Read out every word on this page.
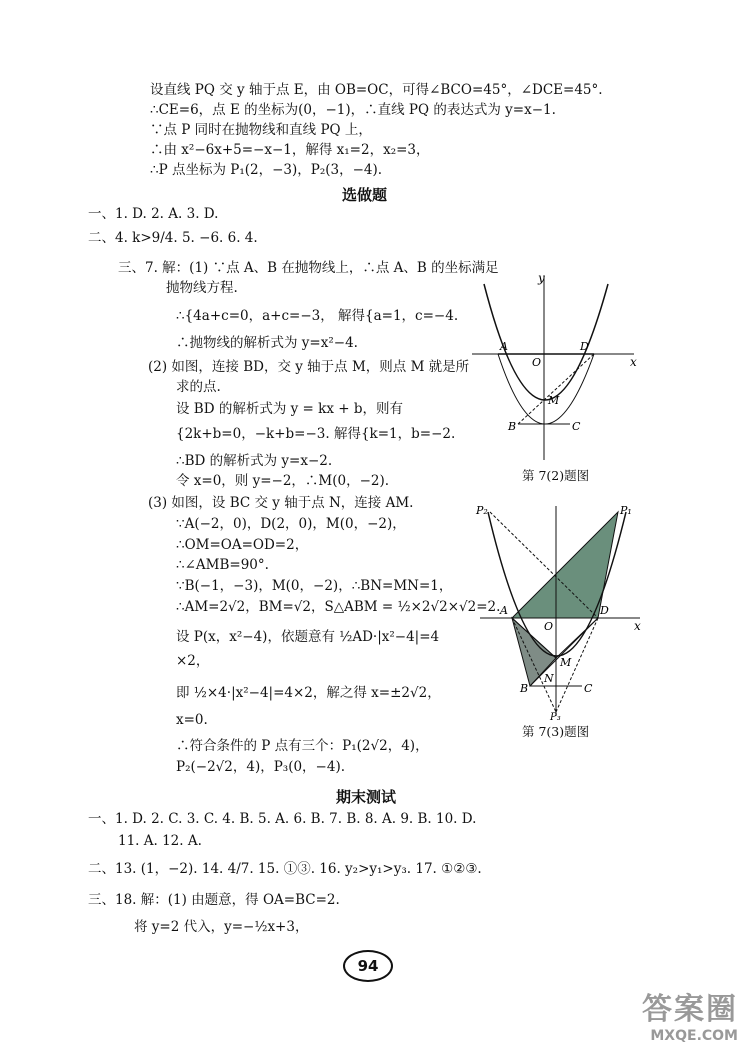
设直线 PQ 交 y 轴于点 E，由 OB=OC，可得∠BCO=45°，∠DCE=45°.
∴CE=6，点 E 的坐标为(0，−1)，∴直线 PQ 的表达式为 y=x−1.
∵点 P 同时在抛物线和直线 PQ 上，
∴由 x²−6x+5=−x−1，解得 x₁=2，x₂=3，
∴P 点坐标为 P₁(2，−3)，P₂(3，−4).
选做题
一、1. D. 2. A. 3. D.
二、4. k>9/4. 5. −6. 6. 4.
三、7. 解：(1) ∵点 A、B 在抛物线上，∴点 A、B 的坐标满足
抛物线方程.
∴{4a+c=0，a+c=−3， 解得{a=1，c=−4.
∴抛物线的解析式为 y=x²−4.
(2) 如图，连接 BD，交 y 轴于点 M，则点 M 就是所
求的点.
设 BD 的解析式为 y = kx + b，则有
{2k+b=0，−k+b=−3. 解得{k=1，b=−2.
∴BD 的解析式为 y=x−2.
令 x=0，则 y=−2，∴M(0，−2).
(3) 如图，设 BC 交 y 轴于点 N，连接 AM.
∵A(−2，0)，D(2，0)，M(0，−2)，
∴OM=OA=OD=2，
∴∠AMB=90°.
∵B(−1，−3)，M(0，−2)，∴BN=MN=1，
∴AM=2√2，BM=√2，S△ABM = ½×2√2×√2=2.
设 P(x，x²−4)，依题意有 ½AD·|x²−4|=4
×2，
即 ½×4·|x²−4|=4×2，解之得 x=±2√2，
x=0.
∴符合条件的 P 点有三个：P₁(2√2，4)，
P₂(−2√2，4)，P₃(0，−4).
y
x
O
A	D
M
B	C
第 7(2)题图
P₂	P₁
A
O
D
x
M
N
B	C
P₃
第 7(3)题图
期末测试
一、1. D. 2. C. 3. C. 4. B. 5. A. 6. B. 7. B. 8. A. 9. B. 10. D.
11. A. 12. A.
二、13. (1，−2). 14. 4/7. 15. ①③. 16. y₂>y₁>y₃. 17. ①②③.
三、18. 解：(1) 由题意，得 OA=BC=2.
将 y=2 代入，y=−½x+3，
94
答案圈
MXQE.COM
